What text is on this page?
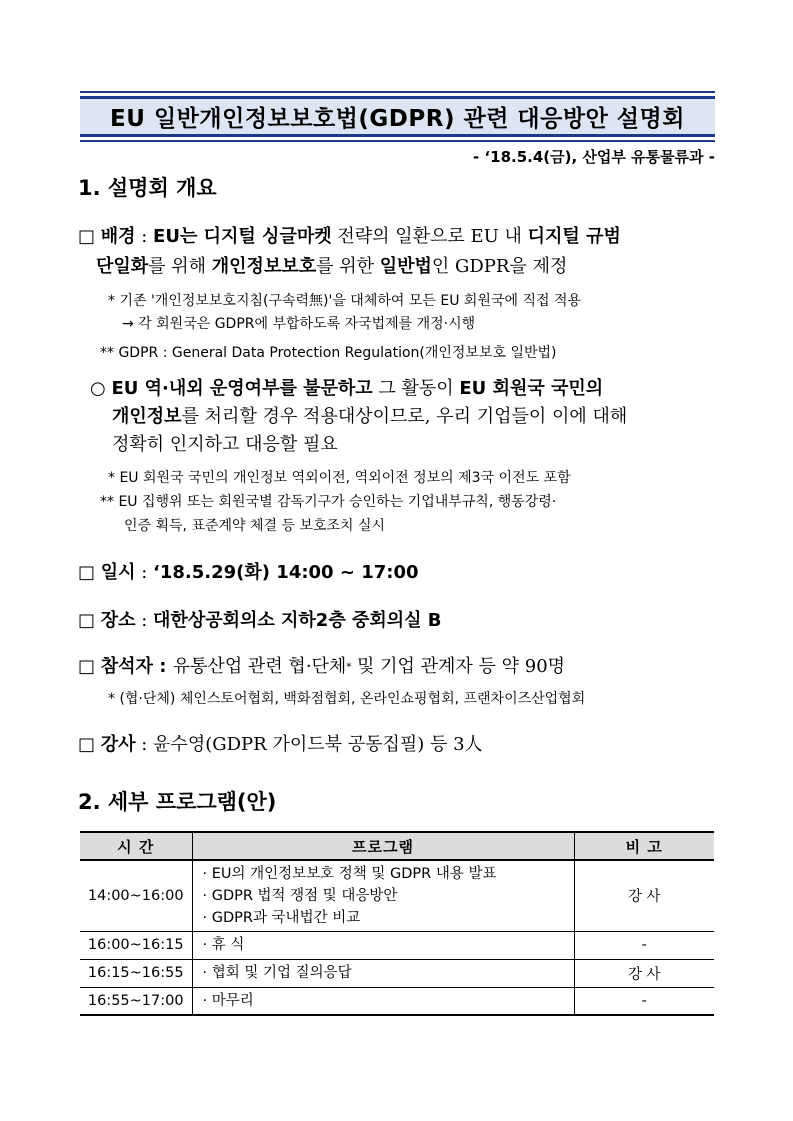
EU 일반개인정보보호법(GDPR) 관련 대응방안 설명회
- ‘18.5.4(금), 산업부 유통물류과 -
1. 설명회 개요
□ 배경 : EU는 디지털 싱글마켓 전략의 일환으로 EU 내 디지털 규범
단일화를 위해 개인정보보호를 위한 일반법인 GDPR을 제정
* 기존 '개인정보보호지침(구속력無)'을 대체하여 모든 EU 회원국에 직접 적용
→ 각 회원국은 GDPR에 부합하도록 자국법제를 개정·시행
** GDPR : General Data Protection Regulation(개인정보보호 일반법)
○ EU 역·내외 운영여부를 불문하고 그 활동이 EU 회원국 국민의
개인정보를 처리할 경우 적용대상이므로, 우리 기업들이 이에 대해
정확히 인지하고 대응할 필요
* EU 회원국 국민의 개인정보 역외이전, 역외이전 정보의 제3국 이전도 포함
** EU 집행위 또는 회원국별 감독기구가 승인하는 기업내부규칙, 행동강령·
인증 획득, 표준계약 체결 등 보호조치 실시
□ 일시 : ‘18.5.29(화) 14:00 ~ 17:00
□ 장소 : 대한상공회의소 지하2층 중회의실 B
□ 참석자 : 유통산업 관련 협·단체* 및 기업 관계자 등 약 90명
* (협·단체) 체인스토어협회, 백화점협회, 온라인쇼핑협회, 프랜차이즈산업협회
□ 강사 : 윤수영(GDPR 가이드북 공동집필) 등 3人
2. 세부 프로그램(안)
시 간	프로그램	비 고
14:00~16:00	· EU의 개인정보보호 정책 및 GDPR 내용 발표
· GDPR 법적 쟁점 및 대응방안
· GDPR과 국내법간 비교	강 사
16:00~16:15	· 휴 식	-
16:15~16:55	· 협회 및 기업 질의응답	강 사
16:55~17:00	· 마무리	-
